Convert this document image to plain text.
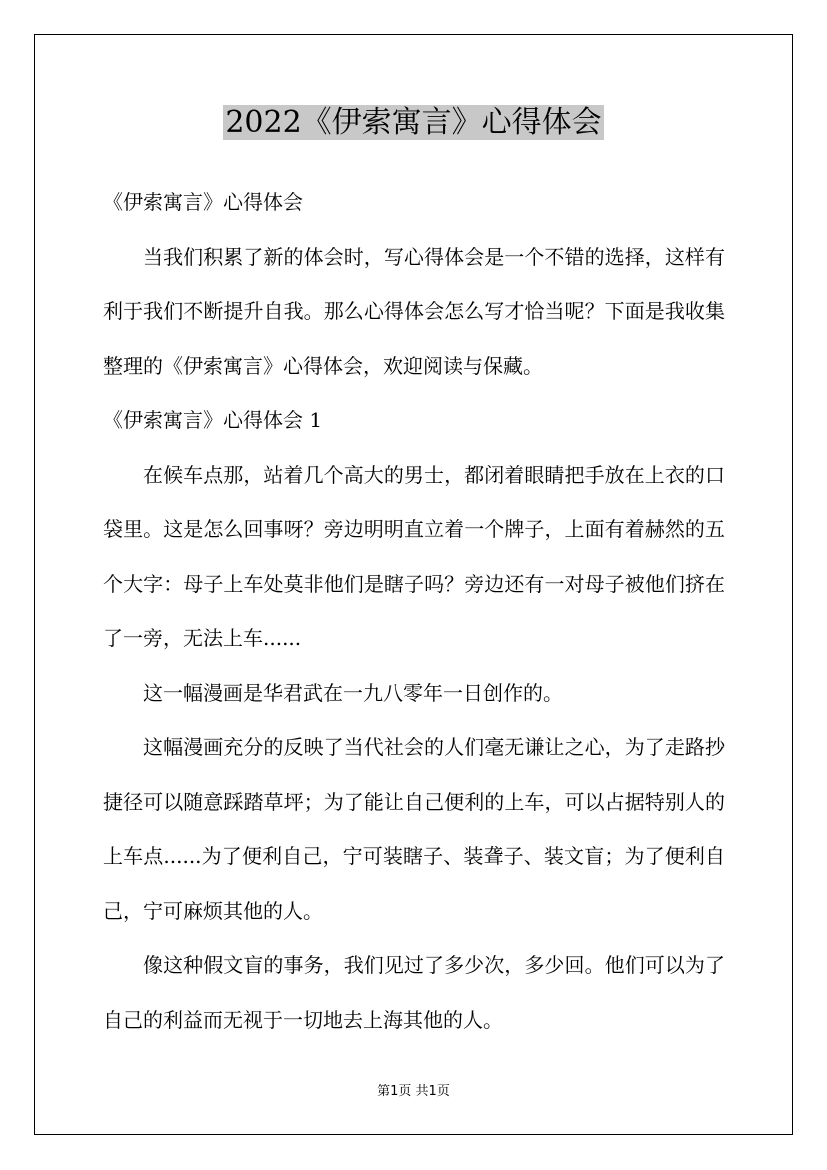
2022《伊索寓言》心得体会

《伊索寓言》心得体会

当我们积累了新的体会时，写心得体会是一个不错的选择，这样有利于我们不断提升自我。那么心得体会怎么写才恰当呢？下面是我收集整理的《伊索寓言》心得体会，欢迎阅读与保藏。

《伊索寓言》心得体会 1

在候车点那，站着几个高大的男士，都闭着眼睛把手放在上衣的口袋里。这是怎么回事呀？旁边明明直立着一个牌子，上面有着赫然的五个大字：母子上车处莫非他们是瞎子吗？旁边还有一对母子被他们挤在了一旁，无法上车......

这一幅漫画是华君武在一九八零年一日创作的。

这幅漫画充分的反映了当代社会的人们毫无谦让之心，为了走路抄捷径可以随意踩踏草坪；为了能让自己便利的上车，可以占据特别人的上车点......为了便利自己，宁可装瞎子、装聋子、装文盲；为了便利自己，宁可麻烦其他的人。

像这种假文盲的事务，我们见过了多少次，多少回。他们可以为了自己的利益而无视于一切地去上海其他的人。

第1页 共1页
